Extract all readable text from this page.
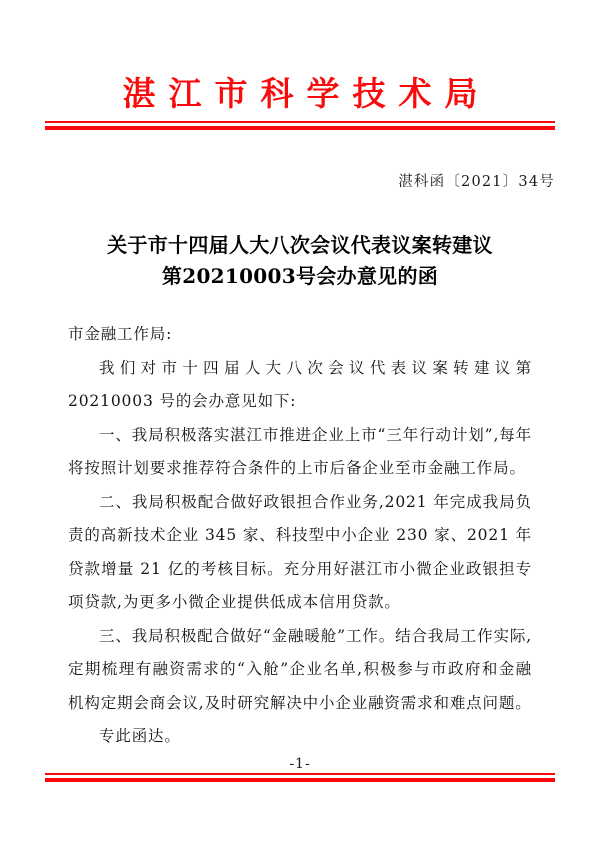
湛江市科学技术局
湛科函〔2021〕34号
关于市十四届人大八次会议代表议案转建议
第20210003号会办意见的函

市金融工作局:

我们对市十四届人大八次会议代表议案转建议第 20210003 号的会办意见如下:

一、我局积极落实湛江市推进企业上市“三年行动计划”,每年将按照计划要求推荐符合条件的上市后备企业至市金融工作局。

二、我局积极配合做好政银担合作业务,2021 年完成我局负责的高新技术企业 345 家、科技型中小企业 230 家、2021 年贷款增量 21 亿的考核目标。充分用好湛江市小微企业政银担专项贷款,为更多小微企业提供低成本信用贷款。

三、我局积极配合做好“金融暖舱”工作。结合我局工作实际,定期梳理有融资需求的“入舱”企业名单,积极参与市政府和金融机构定期会商会议,及时研究解决中小企业融资需求和难点问题。

专此函达。

-1-
